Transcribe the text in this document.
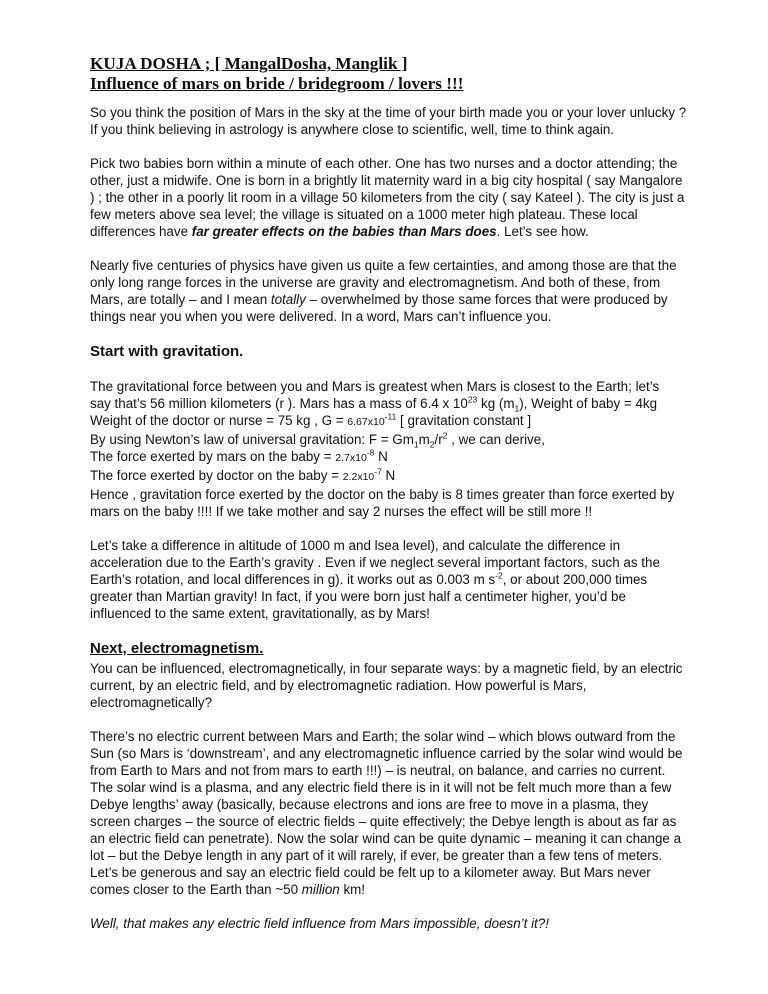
KUJA DOSHA ; [ MangalDosha, Manglik ]
Influence of mars on bride / bridegroom / lovers !!!

So you think the position of Mars in the sky at the time of your birth made you or your lover unlucky ? If you think believing in astrology is anywhere close to scientific, well, time to think again.

Pick two babies born within a minute of each other. One has two nurses and a doctor attending; the other, just a midwife. One is born in a brightly lit maternity ward in a big city hospital ( say Mangalore ) ; the other in a poorly lit room in a village 50 kilometers from the city ( say Kateel ). The city is just a few meters above sea level; the village is situated on a 1000 meter high plateau. These local differences have far greater effects on the babies than Mars does. Let’s see how.

Nearly five centuries of physics have given us quite a few certainties, and among those are that the only long range forces in the universe are gravity and electromagnetism. And both of these, from Mars, are totally – and I mean totally – overwhelmed by those same forces that were produced by things near you when you were delivered. In a word, Mars can’t influence you.

Start with gravitation.

The gravitational force between you and Mars is greatest when Mars is closest to the Earth; let’s
say that’s 56 million kilometers (r ). Mars has a mass of 6.4 x $10^{23}$ kg $(m_1)$, Weight of baby = 4kg
Weight of the doctor or nurse = 75 kg , $G = 6.67x10^{-11}$ [ gravitation constant ]
By using Newton’s law of universal gravitation: $F = Gm_1m_2/r^2$ , we can derive,
The force exerted by mars on the baby = $2.7x10^{-8}$ N
The force exerted by doctor on the baby = $2.2x10^{-7}$ N
Hence , gravitation force exerted by the doctor on the baby is 8 times greater than force exerted by mars on the baby !!!! If we take mother and say 2 nurses the effect will be still more !!

Let’s take a difference in altitude of 1000 m and lsea level), and calculate the difference in acceleration due to the Earth’s gravity . Even if we neglect several important factors, such as the Earth’s rotation, and local differences in g). it works out as 0.003 m $s^{-2}$, or about 200,000 times greater than Martian gravity! In fact, if you were born just half a centimeter higher, you’d be influenced to the same extent, gravitationally, as by Mars!

Next, electromagnetism.

You can be influenced, electromagnetically, in four separate ways: by a magnetic field, by an electric current, by an electric field, and by electromagnetic radiation. How powerful is Mars, electromagnetically?

There’s no electric current between Mars and Earth; the solar wind – which blows outward from the Sun (so Mars is ‘downstream’, and any electromagnetic influence carried by the solar wind would be from Earth to Mars and not from mars to earth !!!) – is neutral, on balance, and carries no current. The solar wind is a plasma, and any electric field there is in it will not be felt much more than a few Debye lengths’ away (basically, because electrons and ions are free to move in a plasma, they screen charges – the source of electric fields – quite effectively; the Debye length is about as far as an electric field can penetrate). Now the solar wind can be quite dynamic – meaning it can change a lot – but the Debye length in any part of it will rarely, if ever, be greater than a few tens of meters. Let’s be generous and say an electric field could be felt up to a kilometer away. But Mars never comes closer to the Earth than ~50 million km!

Well, that makes any electric field influence from Mars impossible, doesn’t it?!
